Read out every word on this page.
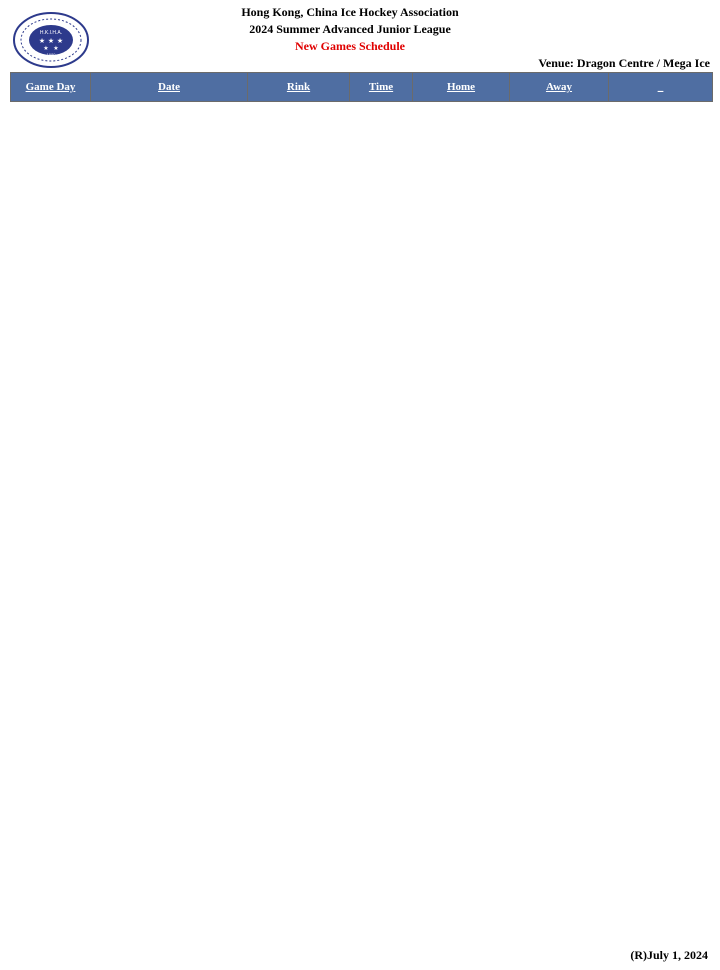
H.K.I.H.A.
★ ★ ★
★ ★
1980
Hong Kong, China Ice Hockey Association
2024 Summer Advanced Junior League
New Games Schedule
Venue: Dragon Centre / Mega Ice
Game Day	Date	Rink	Time	Home	Away	_
(R)July 1, 2024
